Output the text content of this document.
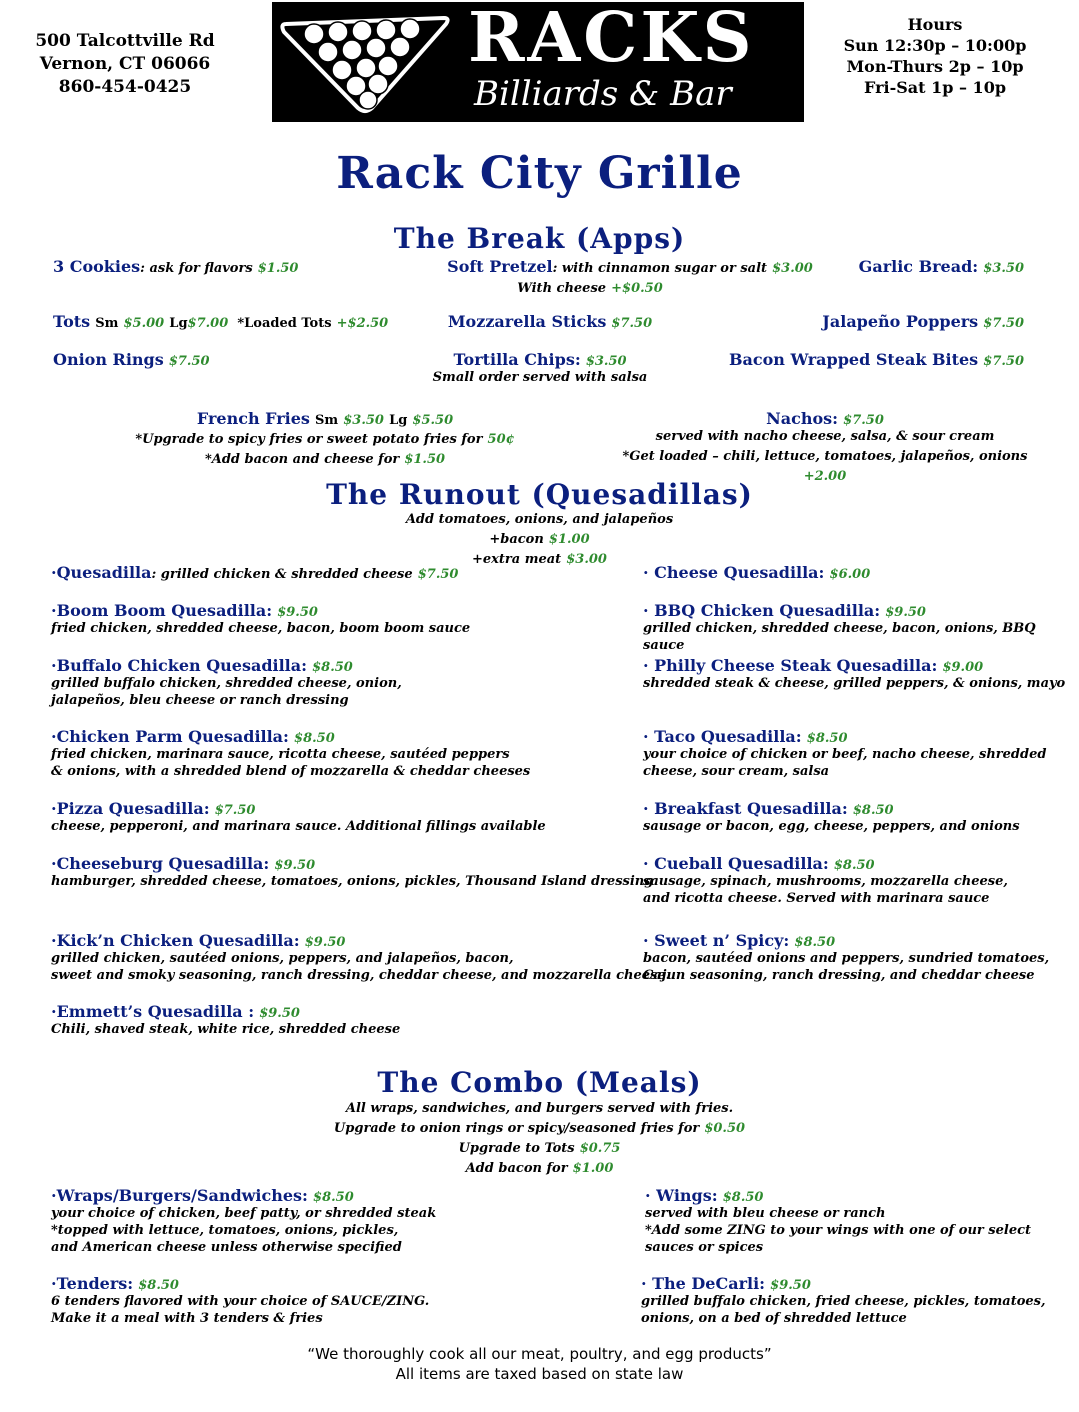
500 Talcottville Rd
Vernon, CT 06066
860-454-0425
RACKS
Billiards & Bar
Hours
Sun 12:30p – 10:00p
Mon-Thurs 2p – 10p
Fri-Sat 1p – 10p
Rack City Grille
The Break (Apps)
3 Cookies: ask for flavors $1.50	Soft Pretzel: with cinnamon sugar or salt $3.00
With cheese +$0.50
Garlic Bread: $3.50
Tots Sm $5.00 Lg$7.00 *Loaded Tots +$2.50	Mozzarella Sticks $7.50	Jalapeño Poppers $7.50
Onion Rings $7.50	Tortilla Chips: $3.50
Small order served with salsa
Bacon Wrapped Steak Bites $7.50
French Fries Sm $3.50 Lg $5.50
*Upgrade to spicy fries or sweet potato fries for 50¢
*Add bacon and cheese for $1.50
Nachos: $7.50
served with nacho cheese, salsa, & sour cream
*Get loaded – chili, lettuce, tomatoes, jalapeños, onions +2.00
The Runout (Quesadillas)
Add tomatoes, onions, and jalapeños
+bacon $1.00
+extra meat $3.00
·Quesadilla: grilled chicken & shredded cheese $7.50
·Boom Boom Quesadilla: $9.50
fried chicken, shredded cheese, bacon, boom boom sauce
·Buffalo Chicken Quesadilla: $8.50
grilled buffalo chicken, shredded cheese, onion,
jalapeños, bleu cheese or ranch dressing
·Chicken Parm Quesadilla: $8.50
fried chicken, marinara sauce, ricotta cheese, sautéed peppers
& onions, with a shredded blend of mozzarella & cheddar cheeses
·Pizza Quesadilla: $7.50
cheese, pepperoni, and marinara sauce. Additional fillings available
·Cheeseburg Quesadilla: $9.50
hamburger, shredded cheese, tomatoes, onions, pickles, Thousand Island dressing
·Kick’n Chicken Quesadilla: $9.50
grilled chicken, sautéed onions, peppers, and jalapeños, bacon,
sweet and smoky seasoning, ranch dressing, cheddar cheese, and mozzarella cheese.
·Emmett’s Quesadilla : $9.50
Chili, shaved steak, white rice, shredded cheese
· Cheese Quesadilla: $6.00
· BBQ Chicken Quesadilla: $9.50
grilled chicken, shredded cheese, bacon, onions, BBQ sauce
· Philly Cheese Steak Quesadilla: $9.00
shredded steak & cheese, grilled peppers, & onions, mayo
· Taco Quesadilla: $8.50
your choice of chicken or beef, nacho cheese, shredded
cheese, sour cream, salsa
· Breakfast Quesadilla: $8.50
sausage or bacon, egg, cheese, peppers, and onions
· Cueball Quesadilla: $8.50
sausage, spinach, mushrooms, mozzarella cheese,
and ricotta cheese. Served with marinara sauce
· Sweet n’ Spicy: $8.50
bacon, sautéed onions and peppers, sundried tomatoes,
Cajun seasoning, ranch dressing, and cheddar cheese
The Combo (Meals)
All wraps, sandwiches, and burgers served with fries.
Upgrade to onion rings or spicy/seasoned fries for $0.50
Upgrade to Tots $0.75
Add bacon for $1.00
·Wraps/Burgers/Sandwiches: $8.50
your choice of chicken, beef patty, or shredded steak
*topped with lettuce, tomatoes, onions, pickles,
and American cheese unless otherwise specified
·Tenders: $8.50
6 tenders flavored with your choice of SAUCE/ZING.
Make it a meal with 3 tenders & fries
· Wings: $8.50
served with bleu cheese or ranch
*Add some ZING to your wings with one of our select
sauces or spices
· The DeCarli: $9.50
grilled buffalo chicken, fried cheese, pickles, tomatoes,
onions, on a bed of shredded lettuce
“We thoroughly cook all our meat, poultry, and egg products”
All items are taxed based on state law
